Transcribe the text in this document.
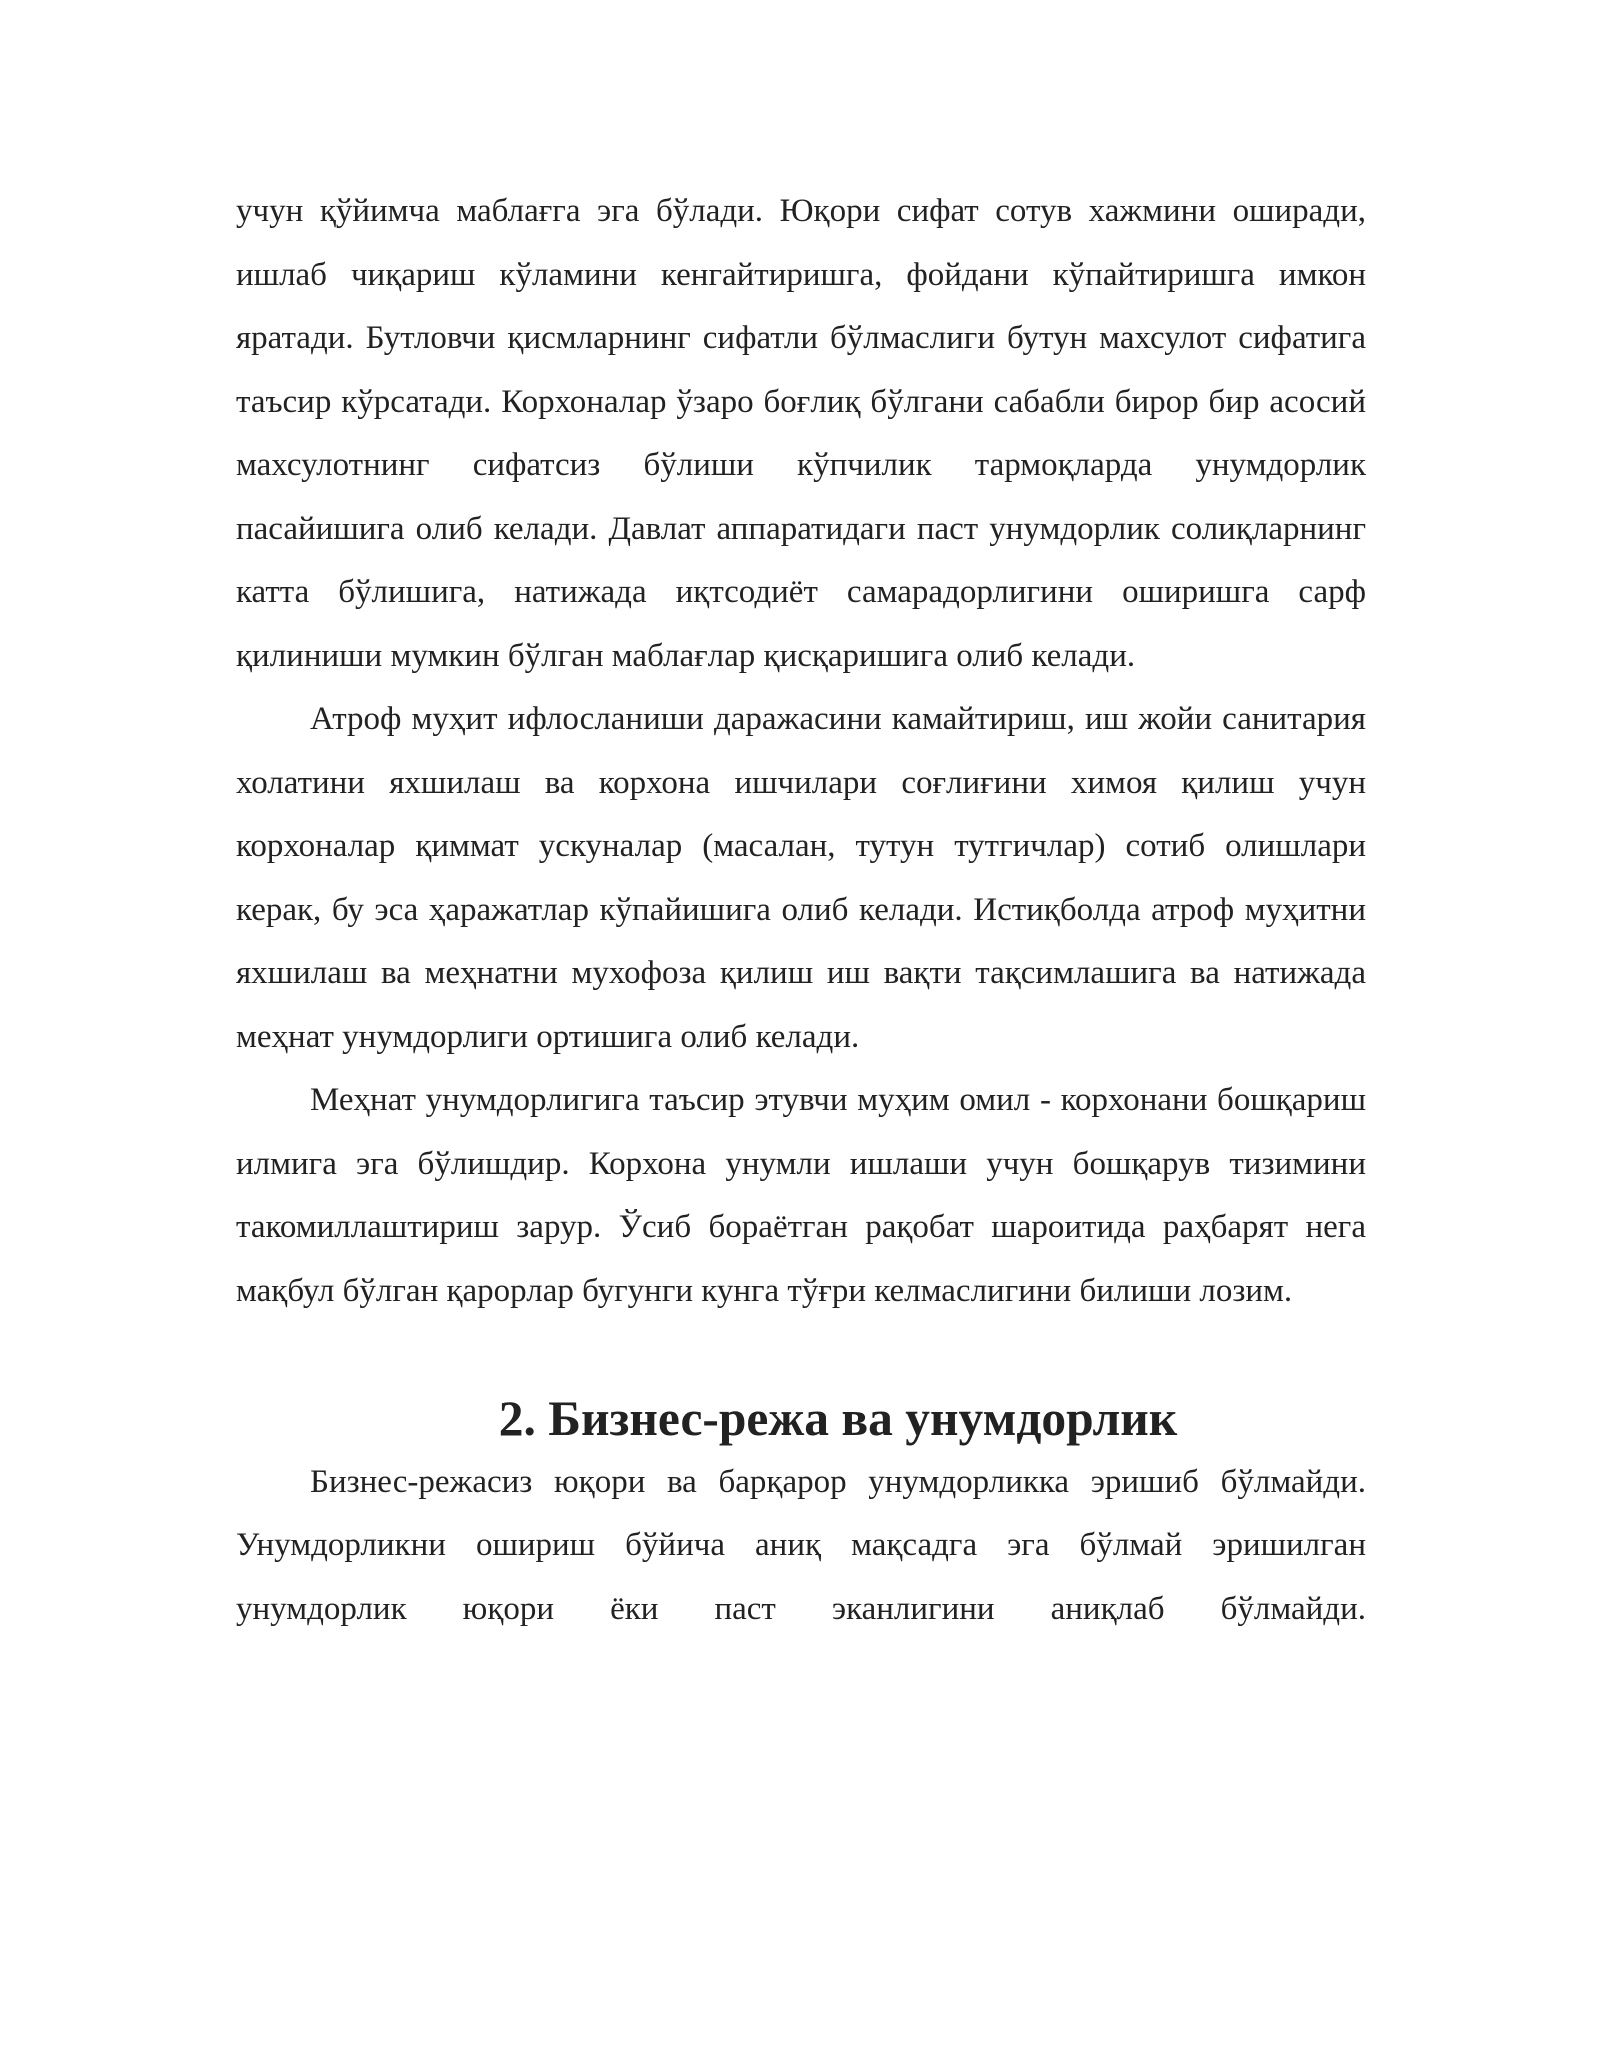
учун қўйимча маблағга эга бўлади. Юқори сифат сотув хажмини оширади, ишлаб чиқариш кўламини кенгайтиришга, фойдани кўпайтиришга имкон яратади. Бутловчи қисмларнинг сифатли бўлмаслиги бутун махсулот сифатига таъсир кўрсатади. Корхоналар ўзаро боғлиқ бўлгани сабабли бирор бир асосий махсулотнинг сифатсиз бўлиши кўпчилик тармоқларда унумдорлик пасайишига олиб келади. Давлат аппаратидаги паст унумдорлик солиқларнинг катта бўлишига, натижада иқтсодиёт самарадорлигини оширишга сарф қилиниши мумкин бўлган маблағлар қисқаришига олиб келади.

Атроф муҳит ифлосланиши даражасини камайтириш, иш жойи санитария холатини яхшилаш ва корхона ишчилари соғлиғини химоя қилиш учун корхоналар қиммат ускуналар (масалан, тутун тутгичлар) сотиб олишлари керак, бу эса ҳаражатлар кўпайишига олиб келади. Истиқболда атроф муҳитни яхшилаш ва меҳнатни мухофоза қилиш иш вақти тақсимлашига ва натижада меҳнат унумдорлиги ортишига олиб келади.

Меҳнат унумдорлигига таъсир этувчи муҳим омил - корхонани бошқариш илмига эга бўлишдир. Корхона унумли ишлаши учун бошқарув тизимини такомиллаштириш зарур. Ўсиб бораётган рақобат шароитида раҳбарят нега мақбул бўлган қарорлар бугунги кунга тўғри келмаслигини билиши лозим.

2. Бизнес-режа ва унумдорлик

Бизнес-режасиз юқори ва барқарор унумдорликка эришиб бўлмайди. Унумдорликни ошириш бўйича аниқ мақсадга эга бўлмай эришилган унумдорлик юқори ёки паст эканлигини аниқлаб бўлмайди.
